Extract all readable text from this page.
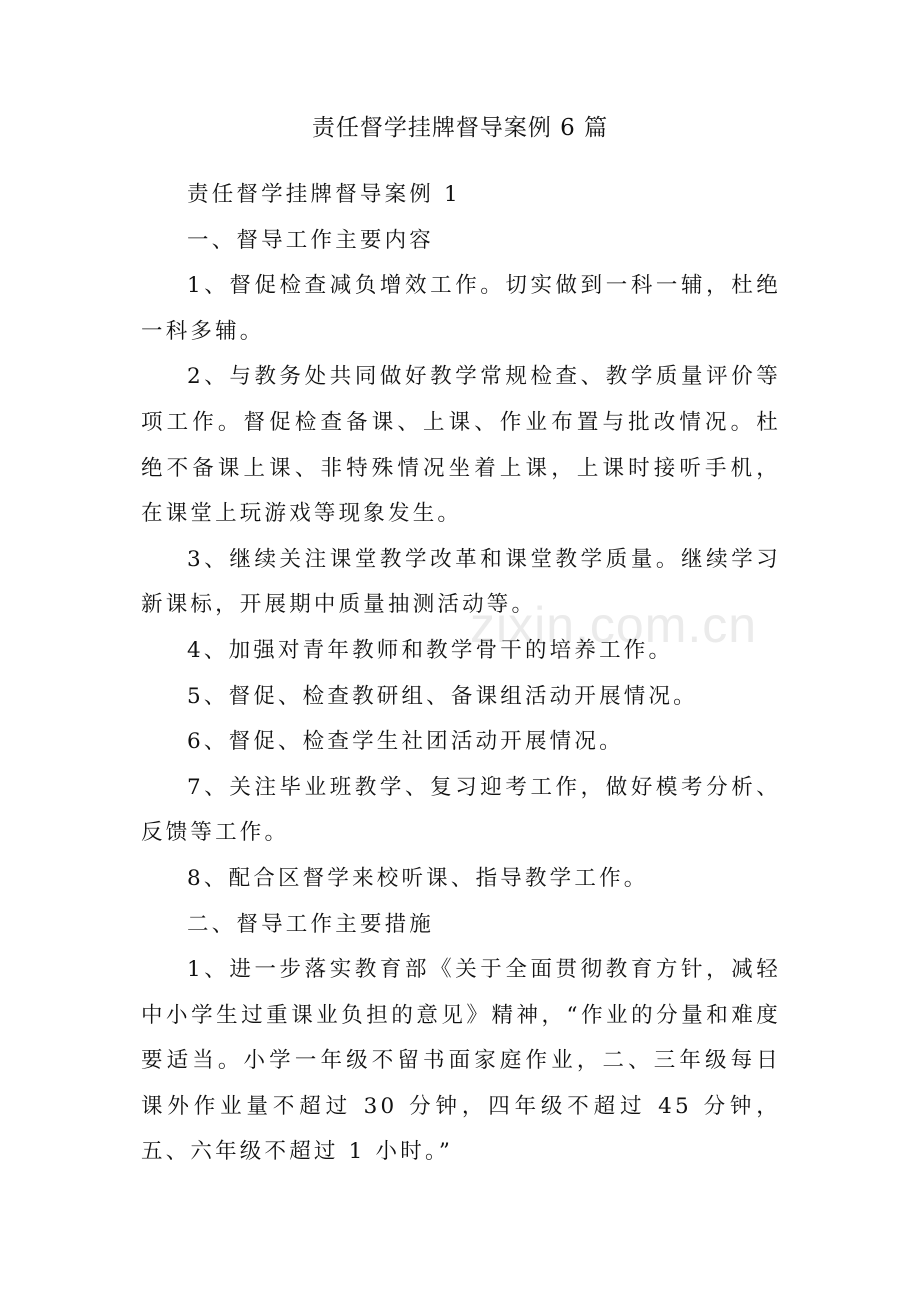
zixin.com.cn
责任督学挂牌督导案例 6 篇

责任督学挂牌督导案例 1

一、督导工作主要内容

1、督促检查减负增效工作。切实做到一科一辅，杜绝一科多辅。

2、与教务处共同做好教学常规检查、教学质量评价等项工作。督促检查备课、上课、作业布置与批改情况。杜绝不备课上课、非特殊情况坐着上课，上课时接听手机，在课堂上玩游戏等现象发生。

3、继续关注课堂教学改革和课堂教学质量。继续学习新课标，开展期中质量抽测活动等。

4、加强对青年教师和教学骨干的培养工作。

5、督促、检查教研组、备课组活动开展情况。

6、督促、检查学生社团活动开展情况。

7、关注毕业班教学、复习迎考工作，做好模考分析、反馈等工作。

8、配合区督学来校听课、指导教学工作。

二、督导工作主要措施

1、进一步落实教育部《关于全面贯彻教育方针，减轻中小学生过重课业负担的意见》精神，“作业的分量和难度要适当。小学一年级不留书面家庭作业，二、三年级每日课外作业量不超过 30 分钟，四年级不超过 45 分钟，五、六年级不超过 1 小时。”
